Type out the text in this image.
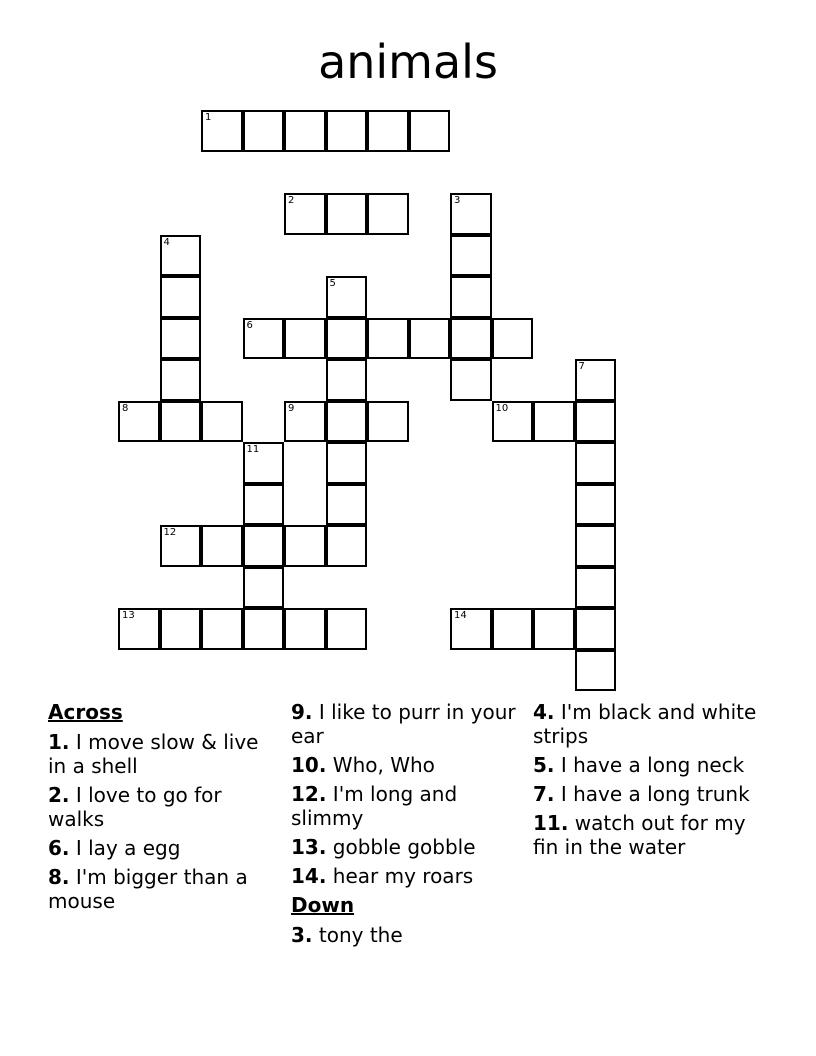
animals
1
2	3
4
5
6
7
8	9	10
11
12
13	14
Across
1. I move slow & live in a shell
2. I love to go for walks
6. I lay a egg
8. I'm bigger than a mouse
9. I like to purr in your ear
10. Who, Who
12. I'm long and slimmy
13. gobble gobble
14. hear my roars
Down
3. tony the
4. I'm black and white strips
5. I have a long neck
7. I have a long trunk
11. watch out for my fin in the water
